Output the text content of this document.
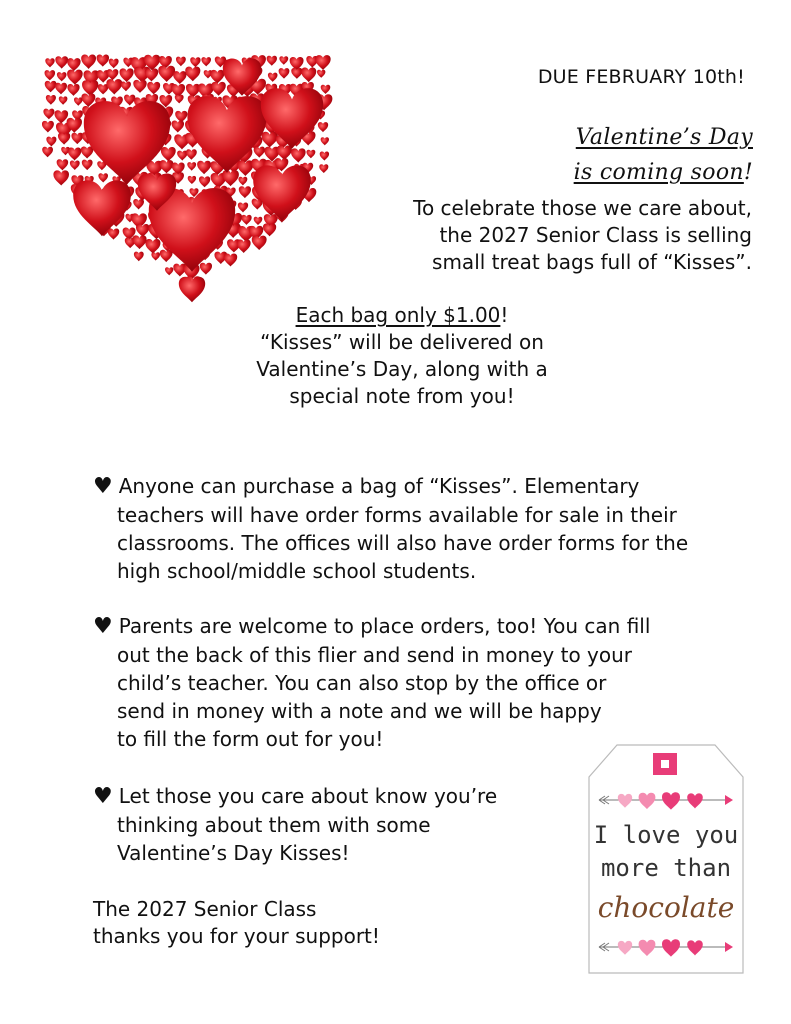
DUE FEBRUARY 10th!
Valentine’s Day
is coming soon!
To celebrate those we care about,
the 2027 Senior Class is selling
small treat bags full of “Kisses”.
Each bag only $1.00!
“Kisses” will be delivered on
Valentine’s Day, along with a
special note from you!
♥ Anyone can purchase a bag of “Kisses”. Elementary
teachers will have order forms available for sale in their
classrooms. The offices will also have order forms for the
high school/middle school students.
♥ Parents are welcome to place orders, too! You can fill
out the back of this flier and send in money to your
child’s teacher. You can also stop by the office or
send in money with a note and we will be happy
to fill the form out for you!
♥ Let those you care about know you’re
thinking about them with some
Valentine’s Day Kisses!
The 2027 Senior Class
thanks you for your support!
I love you
more than
chocolate
